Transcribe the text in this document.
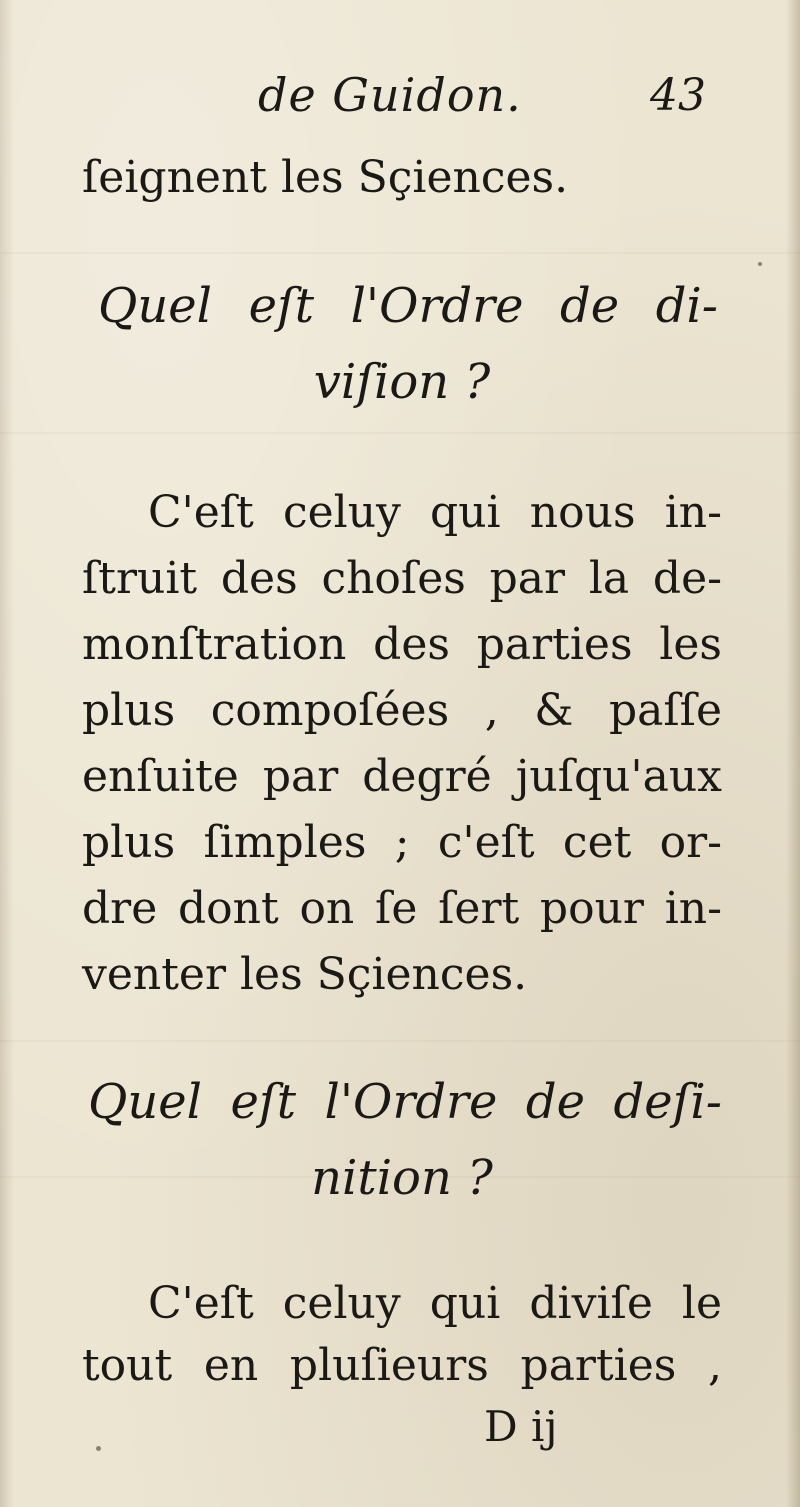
de Guidon.	43
ſeignent les Sçiences.
Quel eſt l'Ordre de di-
viſion ?
C'eſt celuy qui nous in-
ſtruit des choſes par la de-
monſtration des parties les
plus compoſées , & paſſe
enſuite par degré juſqu'aux
plus ſimples ; c'eſt cet or-
dre dont on ſe ſert pour in-
venter les Sçiences.
Quel eſt l'Ordre de deſi-
nition ?
C'eſt celuy qui diviſe le
tout en pluſieurs parties ,
D ij
